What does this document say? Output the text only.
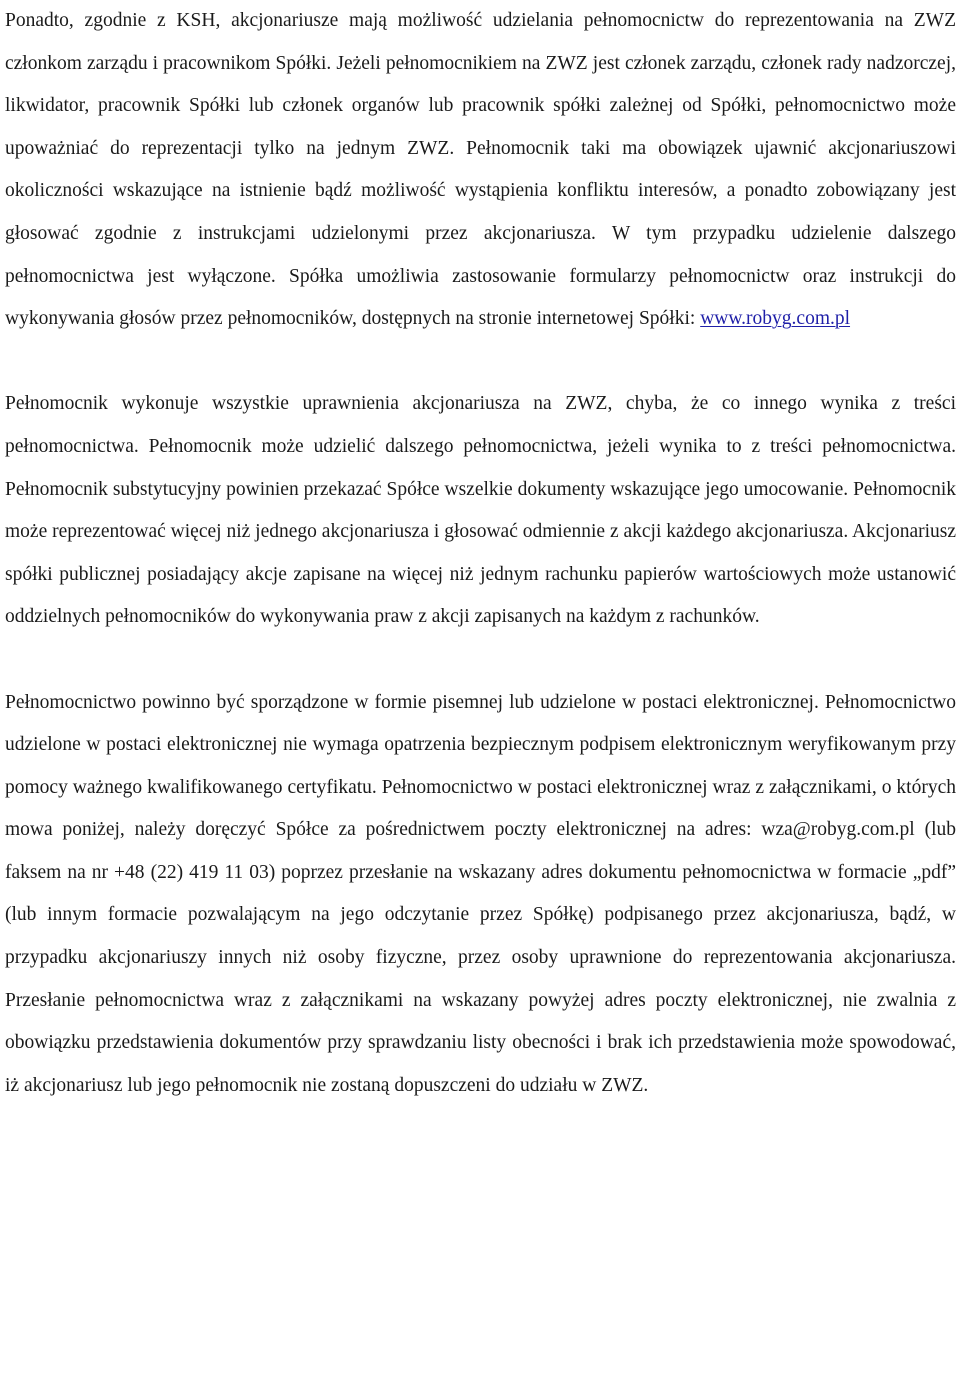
Ponadto, zgodnie z KSH, akcjonariusze mają możliwość udzielania pełnomocnictw do reprezentowania na ZWZ członkom zarządu i pracownikom Spółki. Jeżeli pełnomocnikiem na ZWZ jest członek zarządu, członek rady nadzorczej, likwidator, pracownik Spółki lub członek organów lub pracownik spółki zależnej od Spółki, pełnomocnictwo może upoważniać do reprezentacji tylko na jednym ZWZ. Pełnomocnik taki ma obowiązek ujawnić akcjonariuszowi okoliczności wskazujące na istnienie bądź możliwość wystąpienia konfliktu interesów, a ponadto zobowiązany jest głosować zgodnie z instrukcjami udzielonymi przez akcjonariusza. W tym przypadku udzielenie dalszego pełnomocnictwa jest wyłączone. Spółka umożliwia zastosowanie formularzy pełnomocnictw oraz instrukcji do wykonywania głosów przez pełnomocników, dostępnych na stronie internetowej Spółki: www.robyg.com.pl

Pełnomocnik wykonuje wszystkie uprawnienia akcjonariusza na ZWZ, chyba, że co innego wynika z treści pełnomocnictwa. Pełnomocnik może udzielić dalszego pełnomocnictwa, jeżeli wynika to z treści pełnomocnictwa. Pełnomocnik substytucyjny powinien przekazać Spółce wszelkie dokumenty wskazujące jego umocowanie. Pełnomocnik może reprezentować więcej niż jednego akcjonariusza i głosować odmiennie z akcji każdego akcjonariusza. Akcjonariusz spółki publicznej posiadający akcje zapisane na więcej niż jednym rachunku papierów wartościowych może ustanowić oddzielnych pełnomocników do wykonywania praw z akcji zapisanych na każdym z rachunków.

Pełnomocnictwo powinno być sporządzone w formie pisemnej lub udzielone w postaci elektronicznej. Pełnomocnictwo udzielone w postaci elektronicznej nie wymaga opatrzenia bezpiecznym podpisem elektronicznym weryfikowanym przy pomocy ważnego kwalifikowanego certyfikatu. Pełnomocnictwo w postaci elektronicznej wraz z załącznikami, o których mowa poniżej, należy doręczyć Spółce za pośrednictwem poczty elektronicznej na adres: wza@robyg.com.pl (lub faksem na nr +48 (22) 419 11 03) poprzez przesłanie na wskazany adres dokumentu pełnomocnictwa w formacie „pdf” (lub innym formacie pozwalającym na jego odczytanie przez Spółkę) podpisanego przez akcjonariusza, bądź, w przypadku akcjonariuszy innych niż osoby fizyczne, przez osoby uprawnione do reprezentowania akcjonariusza. Przesłanie pełnomocnictwa wraz z załącznikami na wskazany powyżej adres poczty elektronicznej, nie zwalnia z obowiązku przedstawienia dokumentów przy sprawdzaniu listy obecności i brak ich przedstawienia może spowodować, iż akcjonariusz lub jego pełnomocnik nie zostaną dopuszczeni do udziału w ZWZ.
